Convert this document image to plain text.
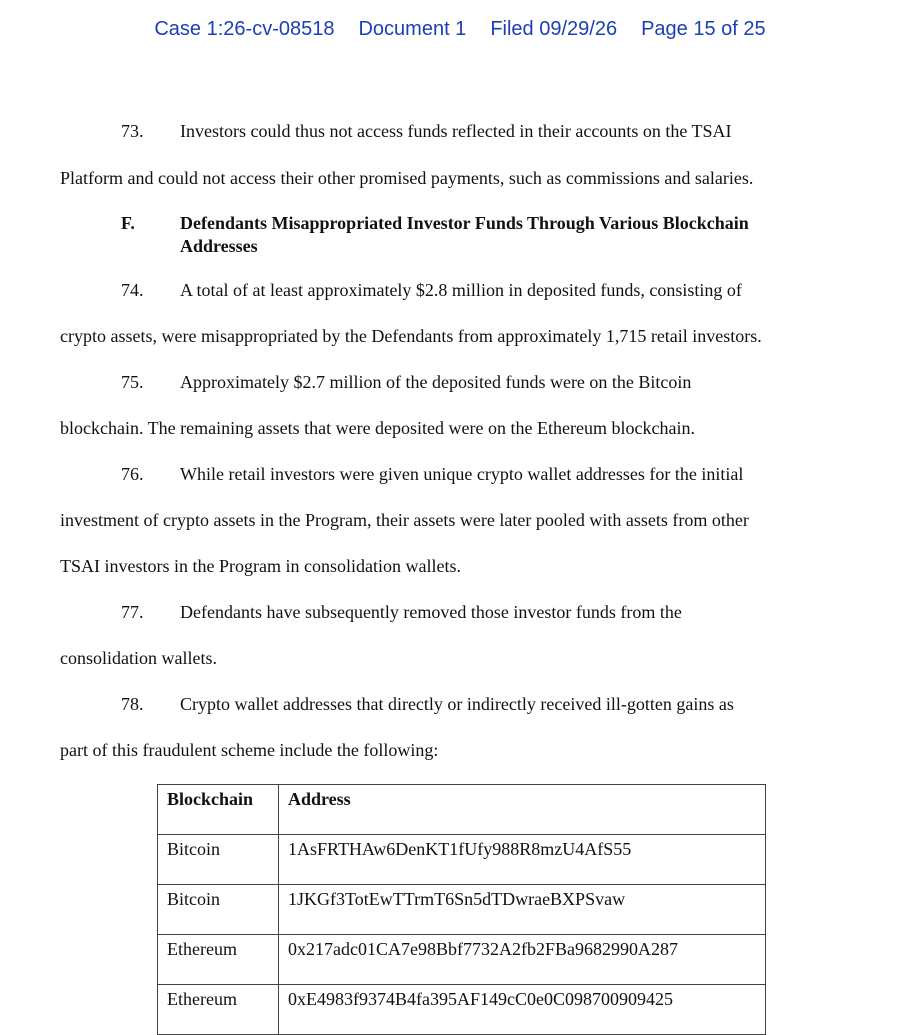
Case 1:26-cv-08518 Document 1 Filed 09/29/26 Page 15 of 25
73. Investors could thus not access funds reflected in their accounts on the TSAI
Platform and could not access their other promised payments, such as commissions and salaries.
F.	Defendants Misappropriated Investor Funds Through Various Blockchain
Addresses
74. A total of at least approximately $2.8 million in deposited funds, consisting of
crypto assets, were misappropriated by the Defendants from approximately 1,715 retail investors.
75. Approximately $2.7 million of the deposited funds were on the Bitcoin
blockchain. The remaining assets that were deposited were on the Ethereum blockchain.
76. While retail investors were given unique crypto wallet addresses for the initial
investment of crypto assets in the Program, their assets were later pooled with assets from other
TSAI investors in the Program in consolidation wallets.
77. Defendants have subsequently removed those investor funds from the
consolidation wallets.
78. Crypto wallet addresses that directly or indirectly received ill-gotten gains as
part of this fraudulent scheme include the following:
Blockchain	Address
Bitcoin	1AsFRTHAw6DenKT1fUfy988R8mzU4AfS55
Bitcoin	1JKGf3TotEwTTrmT6Sn5dTDwraeBXPSvaw
Ethereum	0x217adc01CA7e98Bbf7732A2fb2FBa9682990A287
Ethereum	0xE4983f9374B4fa395AF149cC0e0C098700909425
